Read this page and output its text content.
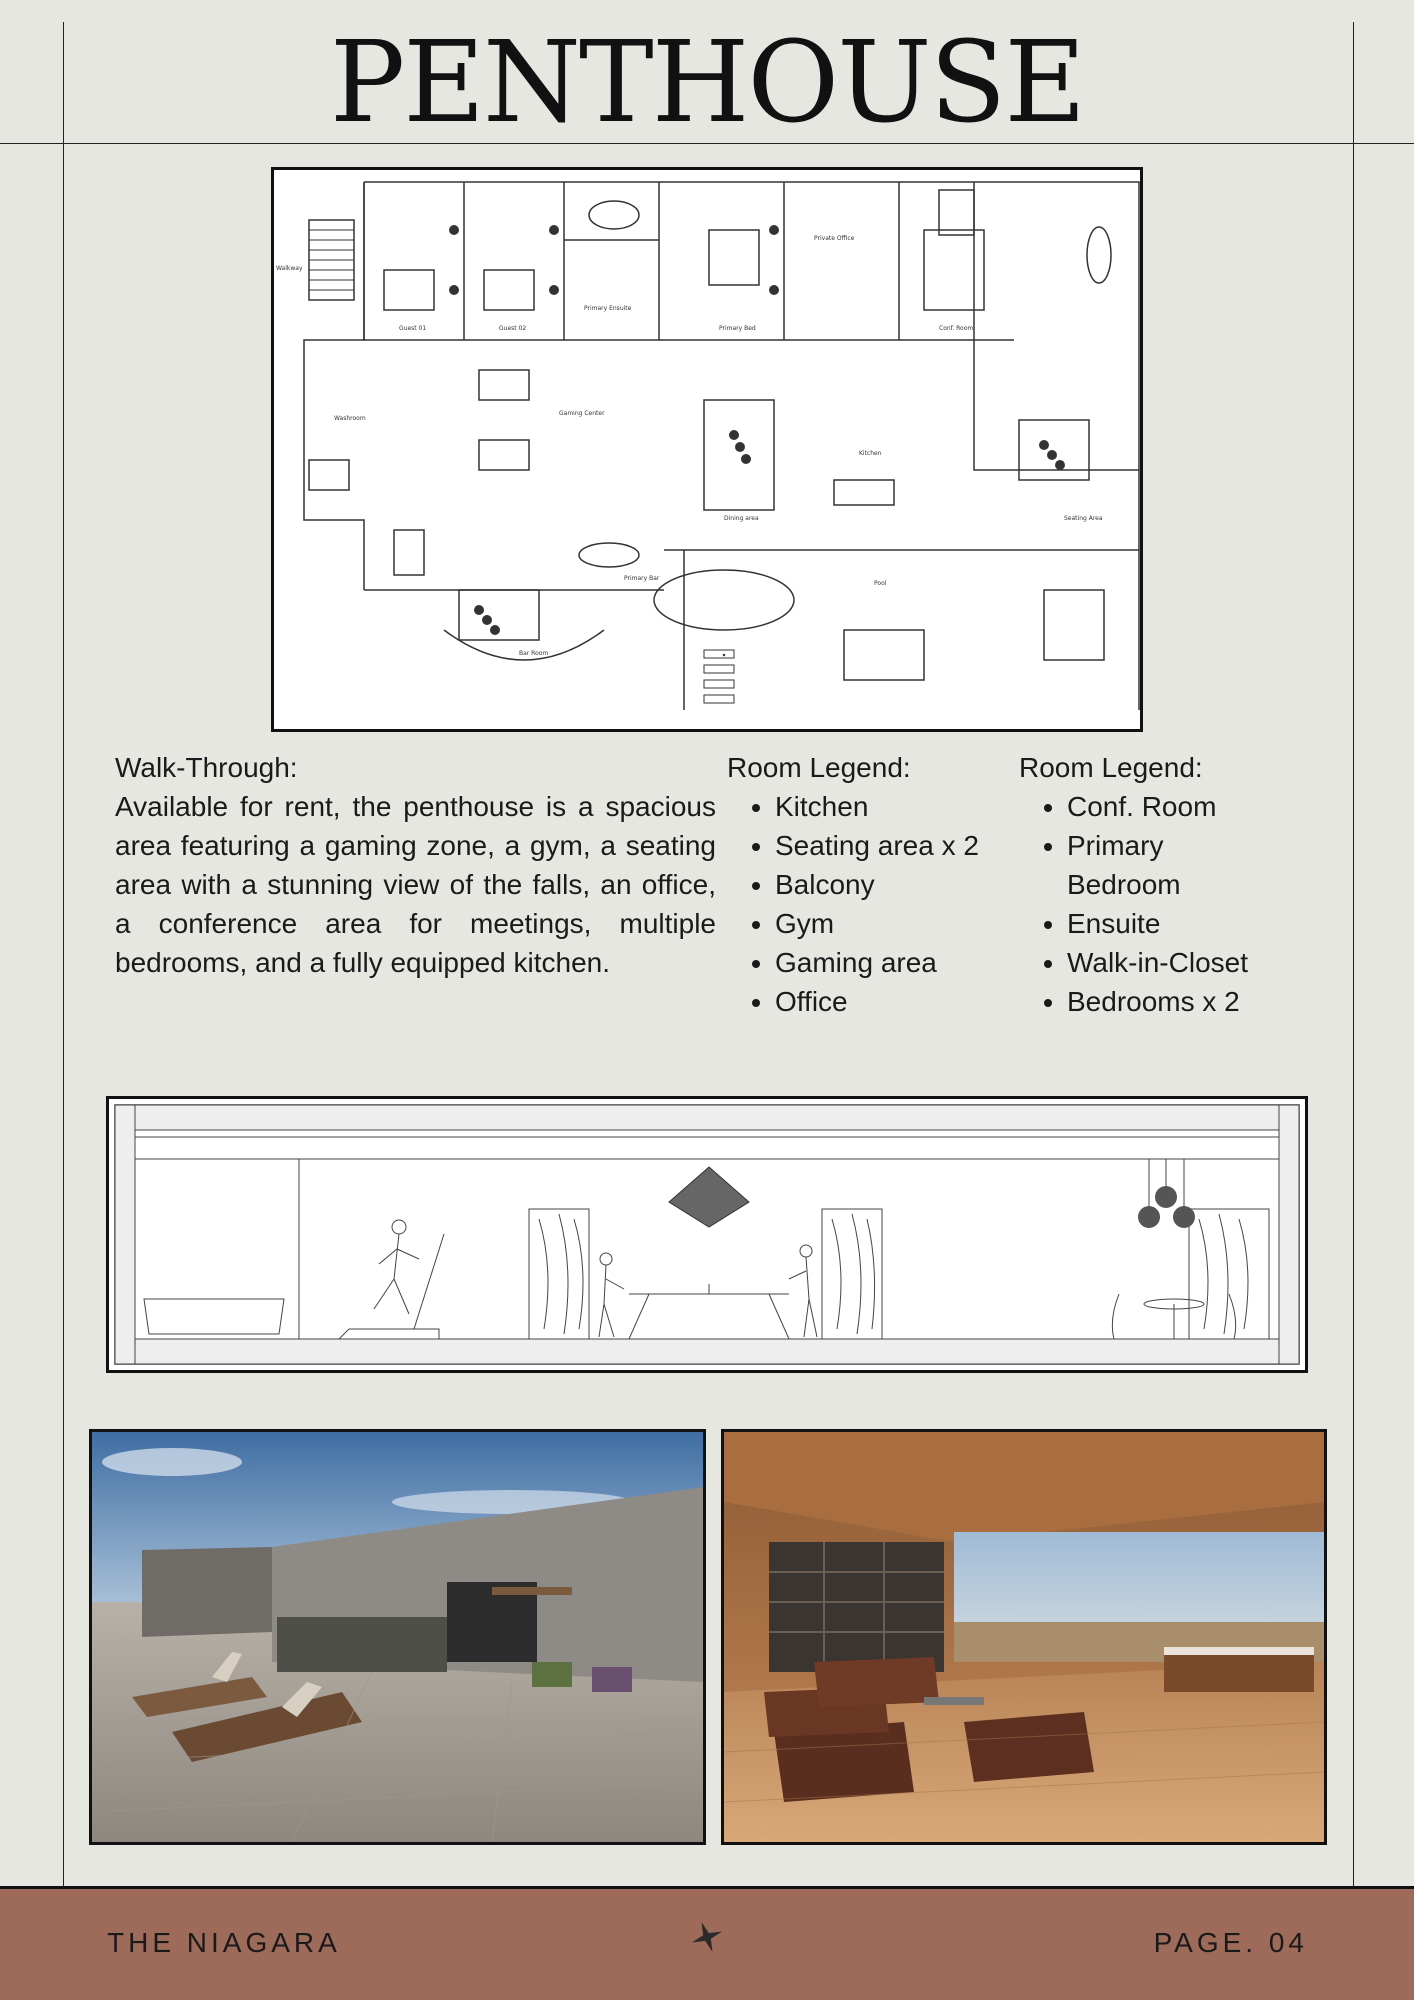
PENTHOUSE
Guest 01	Guest 02
Primary Ensuite
Primary Bed
Private Office
Conf. Room
Walkway
Gaming Center
Dining area
Kitchen
Seating Area
Pool
Primary Bar
Bar Room
Washroom

Walk-Through:

Available for rent, the penthouse is a spacious area featuring a gaming zone, a gym, a seating area with a stunning view of the falls, an office, a conference area for meetings, multiple bedrooms, and a fully equipped kitchen.

Room Legend:
• Kitchen
• Seating area x 2
• Balcony
• Gym
• Gaming area
• Office
Room Legend:
• Conf. Room
• Primary Bedroom
• Ensuite
• Walk-in-Closet
• Bedrooms x 2
THE NIAGARA	PAGE. 04
